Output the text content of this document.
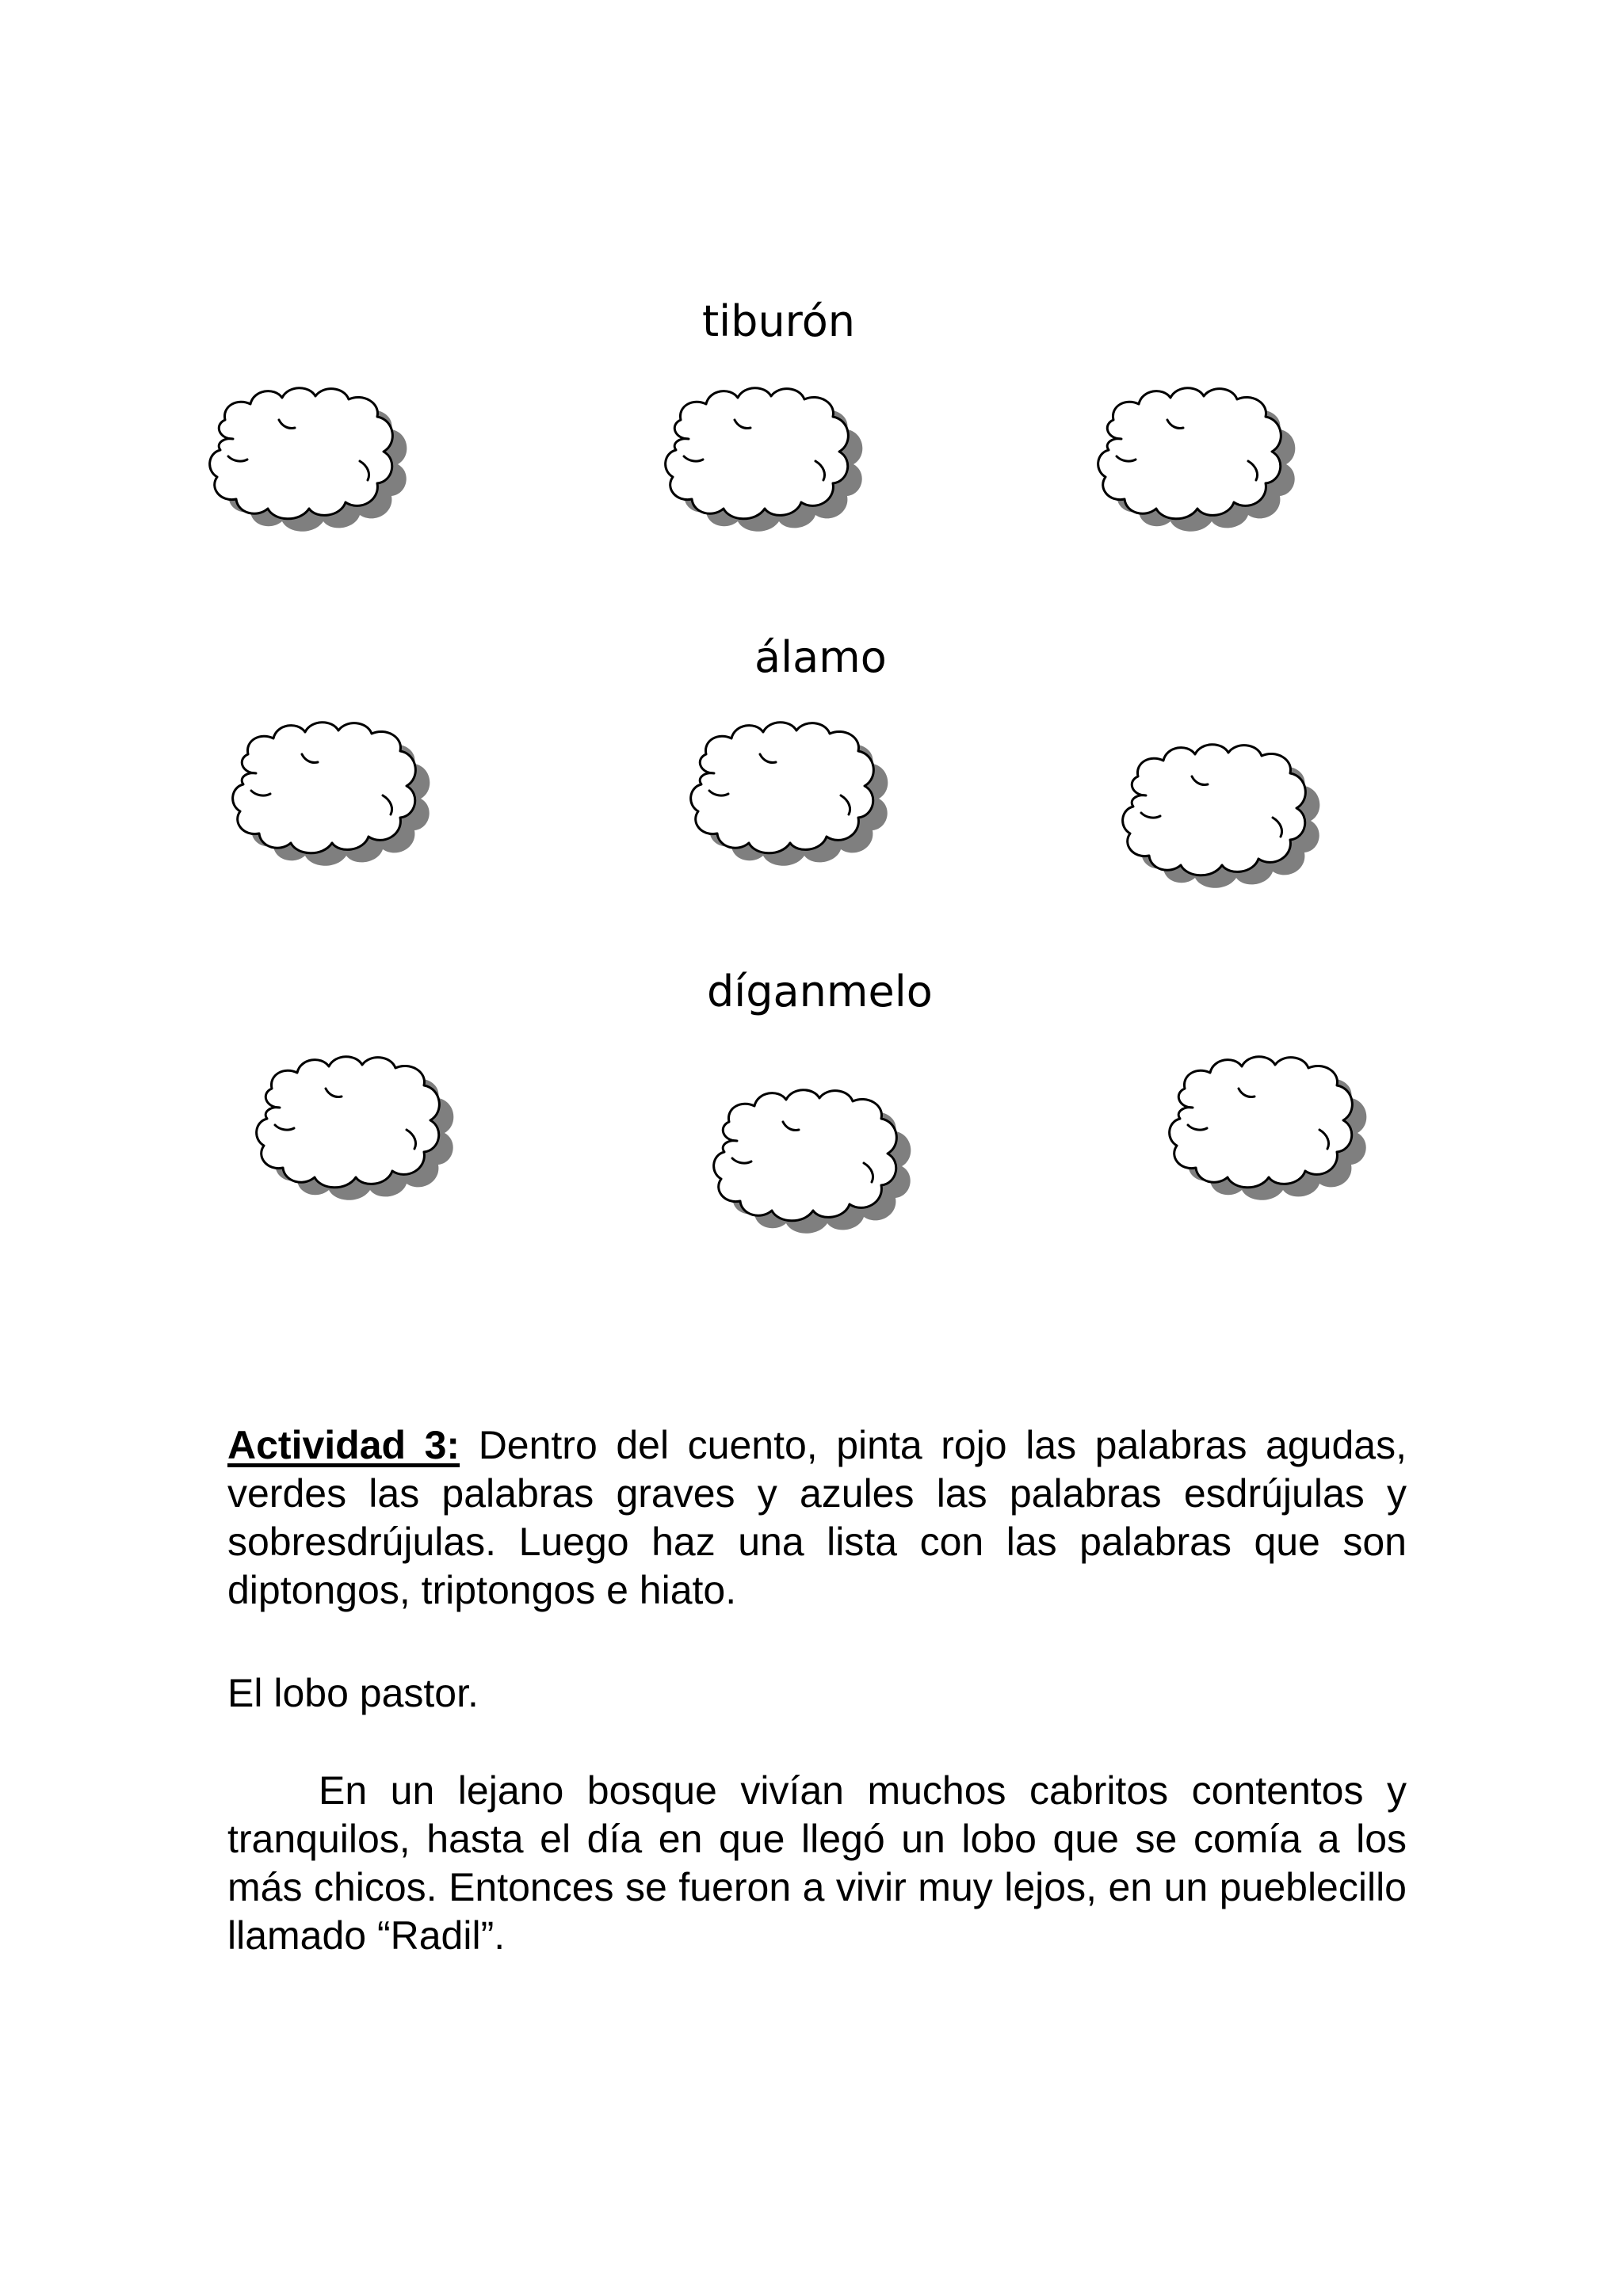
tiburón
álamo
díganmelo
Actividad 3: Dentro del cuento, pinta rojo las palabras agudas, verdes las palabras graves y azules las palabras esdrújulas y sobresdrújulas. Luego haz una lista con las palabras que son diptongos, triptongos e hiato.
El lobo pastor.
En un lejano bosque vivían muchos cabritos contentos y tranquilos, hasta el día en que llegó un lobo que se comía a los más chicos. Entonces se fueron a vivir muy lejos, en un pueblecillo llamado “Radil”.
